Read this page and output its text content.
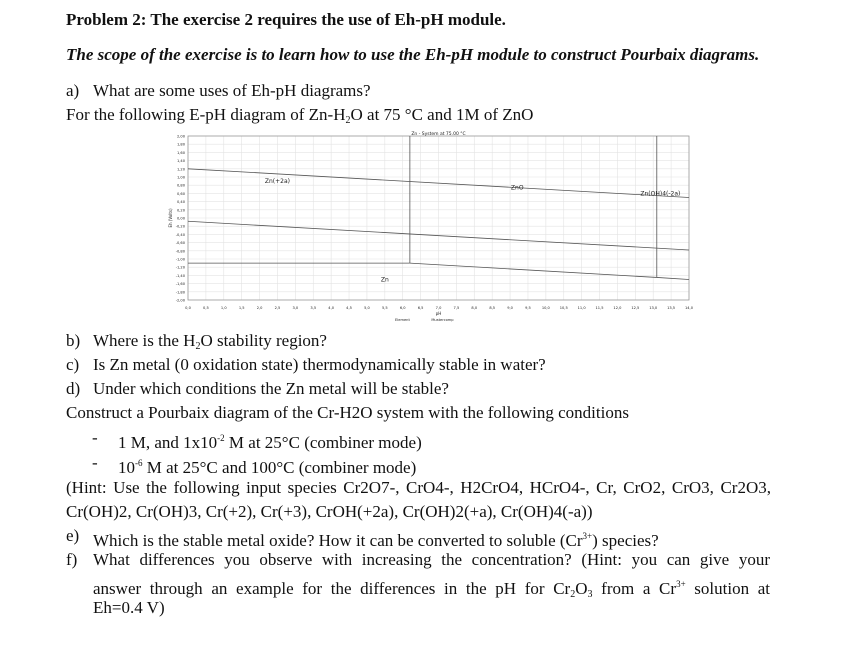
Problem 2: The exercise 2 requires the use of Eh-pH module.
The scope of the exercise is to learn how to use the Eh-pH module to construct Pourbaix diagrams.
a) What are some uses of Eh-pH diagrams?
For the following E-pH diagram of $Zn-H_2O$ at 75 °C and 1M of ZnO
2,00
1,80
1,60
1,40
1,20
1,00
0,80
0,60
0,40
0,20
0,00
-0,20
-0,40
-0,60
-0,80
-1,00
-1,20
-1,40
-1,60
-1,80
-2,00
0,0	0,5	1,0	1,5	2,0	2,5	3,0	3,5	4,0	4,5	5,0	5,5	6,0	6,5	7,0	7,5	8,0	8,5	9,0	9,5	10,0	10,5	11,0	11,5	12,0	12,5	13,0	13,5	14,0
Zn(+2a)
ZnO
Zn(OH)4(-2a)
Zn
Zn - System at 75.00 °C
pH
Eh (Volts)
Element	Mustercomp
b) Where is the $H_2O$ stability region?
c) Is Zn metal (0 oxidation state) thermodynamically stable in water?
d) Under which conditions the Zn metal will be stable?
Construct a Pourbaix diagram of the Cr-H2O system with the following conditions
- 1 M, and $1x10^{-2}$ M at 25°C (combiner mode)
- $10^{-6}$ M at 25°C and 100°C (combiner mode)
(Hint: Use the following input species Cr2O7-, CrO4-, H2CrO4, HCrO4-, Cr, CrO2, CrO3, Cr2O3,
Cr(OH)2, Cr(OH)3, Cr(+2), Cr(+3), CrOH(+2a), Cr(OH)2(+a), Cr(OH)4(-a))
e) Which is the stable metal oxide? How it can be converted to soluble $(Cr^{3+})$ species?
f) What differences you observe with increasing the concentration? (Hint: you can give your
answer through an example for the differences in the pH for $Cr_2O_3$ from a $Cr^{3+}$ solution at
Eh=0.4 V)
